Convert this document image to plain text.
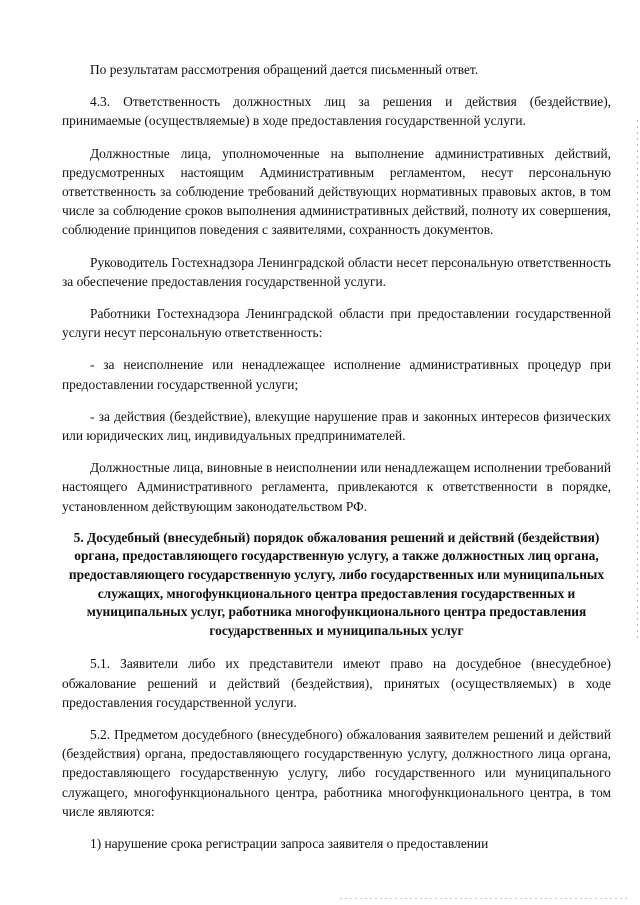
По результатам рассмотрения обращений дается письменный ответ.

4.3. Ответственность должностных лиц за решения и действия (бездействие), принимаемые (осуществляемые) в ходе предоставления государственной услуги.

Должностные лица, уполномоченные на выполнение административных действий, предусмотренных настоящим Административным регламентом, несут персональную ответственность за соблюдение требований действующих нормативных правовых актов, в том числе за соблюдение сроков выполнения административных действий, полноту их совершения, соблюдение принципов поведения с заявителями, сохранность документов.

Руководитель Гостехнадзора Ленинградской области несет персональную ответственность за обеспечение предоставления государственной услуги.

Работники Гостехнадзора Ленинградской области при предоставлении государственной услуги несут персональную ответственность:

- за неисполнение или ненадлежащее исполнение административных процедур при предоставлении государственной услуги;

- за действия (бездействие), влекущие нарушение прав и законных интересов физических или юридических лиц, индивидуальных предпринимателей.

Должностные лица, виновные в неисполнении или ненадлежащем исполнении требований настоящего Административного регламента, привлекаются к ответственности в порядке, установленном действующим законодательством РФ.

5. Досудебный (внесудебный) порядок обжалования решений и действий (бездействия) органа, предоставляющего государственную услугу, а также должностных лиц органа, предоставляющего государственную услугу, либо государственных или муниципальных служащих, многофункционального центра предоставления государственных и муниципальных услуг, работника многофункционального центра предоставления государственных и муниципальных услуг

5.1. Заявители либо их представители имеют право на досудебное (внесудебное) обжалование решений и действий (бездействия), принятых (осуществляемых) в ходе предоставления государственной услуги.

5.2. Предметом досудебного (внесудебного) обжалования заявителем решений и действий (бездействия) органа, предоставляющего государственную услугу, должностного лица органа, предоставляющего государственную услугу, либо государственного или муниципального служащего, многофункционального центра, работника многофункционального центра, в том числе являются:

1) нарушение срока регистрации запроса заявителя о предоставлении
